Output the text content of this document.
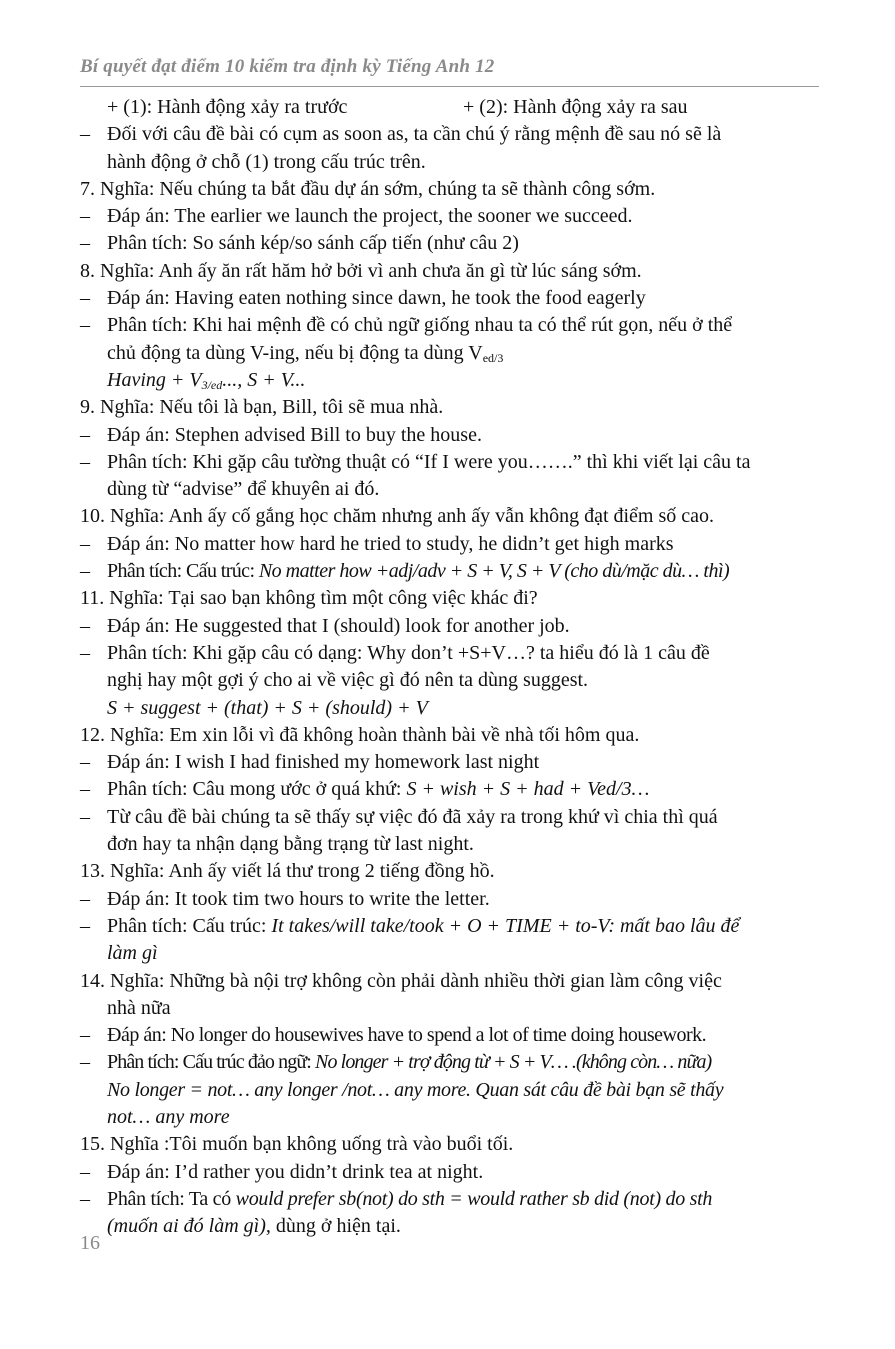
Bí quyết đạt điểm 10 kiểm tra định kỳ Tiếng Anh 12
+ (1): Hành động xảy ra trước	+ (2): Hành động xảy ra sau
– Đối với câu đề bài có cụm as soon as, ta cần chú ý rằng mệnh đề sau nó sẽ là
hành động ở chỗ (1) trong cấu trúc trên.
7. Nghĩa: Nếu chúng ta bắt đầu dự án sớm, chúng ta sẽ thành công sớm.
– Đáp án: The earlier we launch the project, the sooner we succeed.
– Phân tích: So sánh kép/so sánh cấp tiến (như câu 2)
8. Nghĩa: Anh ấy ăn rất hăm hở bởi vì anh chưa ăn gì từ lúc sáng sớm.
– Đáp án: Having eaten nothing since dawn, he took the food eagerly
– Phân tích: Khi hai mệnh đề có chủ ngữ giống nhau ta có thể rút gọn, nếu ở thể
chủ động ta dùng V-ing, nếu bị động ta dùng $V_{ed/3}$
Having + $V_{3/ed}$..., S + V...
9. Nghĩa: Nếu tôi là bạn, Bill, tôi sẽ mua nhà.
– Đáp án: Stephen advised Bill to buy the house.
– Phân tích: Khi gặp câu tường thuật có “If I were you…….” thì khi viết lại câu ta
dùng từ “advise” để khuyên ai đó.
10. Nghĩa: Anh ấy cố gắng học chăm nhưng anh ấy vẫn không đạt điểm số cao.
– Đáp án: No matter how hard he tried to study, he didn’t get high marks
– Phân tích: Cấu trúc: No matter how +adj/adv + S + V, S + V (cho dù/mặc dù… thì)
11. Nghĩa: Tại sao bạn không tìm một công việc khác đi?
– Đáp án: He suggested that I (should) look for another job.
– Phân tích: Khi gặp câu có dạng: Why don’t +S+V…? ta hiểu đó là 1 câu đề
nghị hay một gợi ý cho ai về việc gì đó nên ta dùng suggest.
S + suggest + (that) + S + (should) + V
12. Nghĩa: Em xin lỗi vì đã không hoàn thành bài về nhà tối hôm qua.
– Đáp án: I wish I had finished my homework last night
– Phân tích: Câu mong ước ở quá khứ: S + wish + S + had + Ved/3…
– Từ câu đề bài chúng ta sẽ thấy sự việc đó đã xảy ra trong khứ vì chia thì quá
đơn hay ta nhận dạng bằng trạng từ last night.
13. Nghĩa: Anh ấy viết lá thư trong 2 tiếng đồng hồ.
– Đáp án: It took tim two hours to write the letter.
– Phân tích: Cấu trúc: It takes/will take/took + O + TIME + to-V: mất bao lâu để
làm gì
14. Nghĩa: Những bà nội trợ không còn phải dành nhiều thời gian làm công việc
nhà nữa
– Đáp án: No longer do housewives have to spend a lot of time doing housework.
– Phân tích: Cấu trúc đảo ngữ: No longer + trợ động từ + S + V… .(không còn… nữa)
No longer = not… any longer /not… any more. Quan sát câu đề bài bạn sẽ thấy
not… any more
15. Nghĩa :Tôi muốn bạn không uống trà vào buổi tối.
– Đáp án: I’d rather you didn’t drink tea at night.
– Phân tích: Ta có would prefer sb(not) do sth = would rather sb did (not) do sth
(muốn ai đó làm gì), dùng ở hiện tại.
16
